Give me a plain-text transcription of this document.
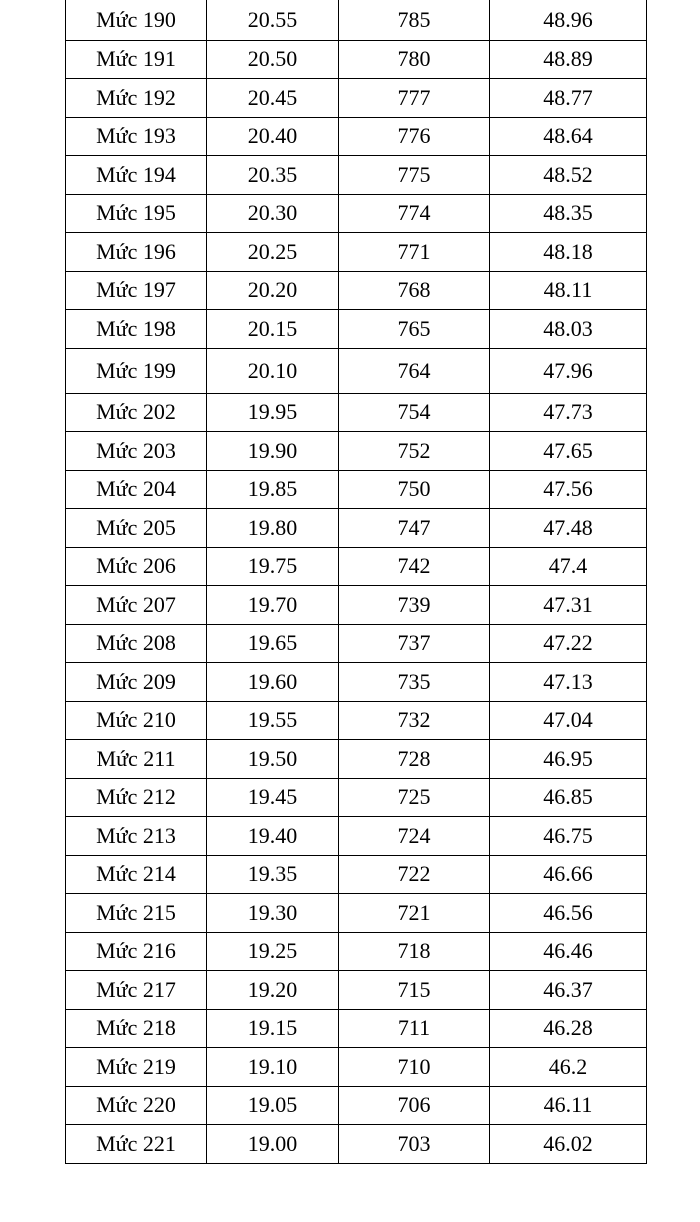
Mức 190	20.55	785	48.96
Mức 191	20.50	780	48.89
Mức 192	20.45	777	48.77
Mức 193	20.40	776	48.64
Mức 194	20.35	775	48.52
Mức 195	20.30	774	48.35
Mức 196	20.25	771	48.18
Mức 197	20.20	768	48.11
Mức 198	20.15	765	48.03
Mức 199	20.10	764	47.96
Mức 202	19.95	754	47.73
Mức 203	19.90	752	47.65
Mức 204	19.85	750	47.56
Mức 205	19.80	747	47.48
Mức 206	19.75	742	47.4
Mức 207	19.70	739	47.31
Mức 208	19.65	737	47.22
Mức 209	19.60	735	47.13
Mức 210	19.55	732	47.04
Mức 211	19.50	728	46.95
Mức 212	19.45	725	46.85
Mức 213	19.40	724	46.75
Mức 214	19.35	722	46.66
Mức 215	19.30	721	46.56
Mức 216	19.25	718	46.46
Mức 217	19.20	715	46.37
Mức 218	19.15	711	46.28
Mức 219	19.10	710	46.2
Mức 220	19.05	706	46.11
Mức 221	19.00	703	46.02
